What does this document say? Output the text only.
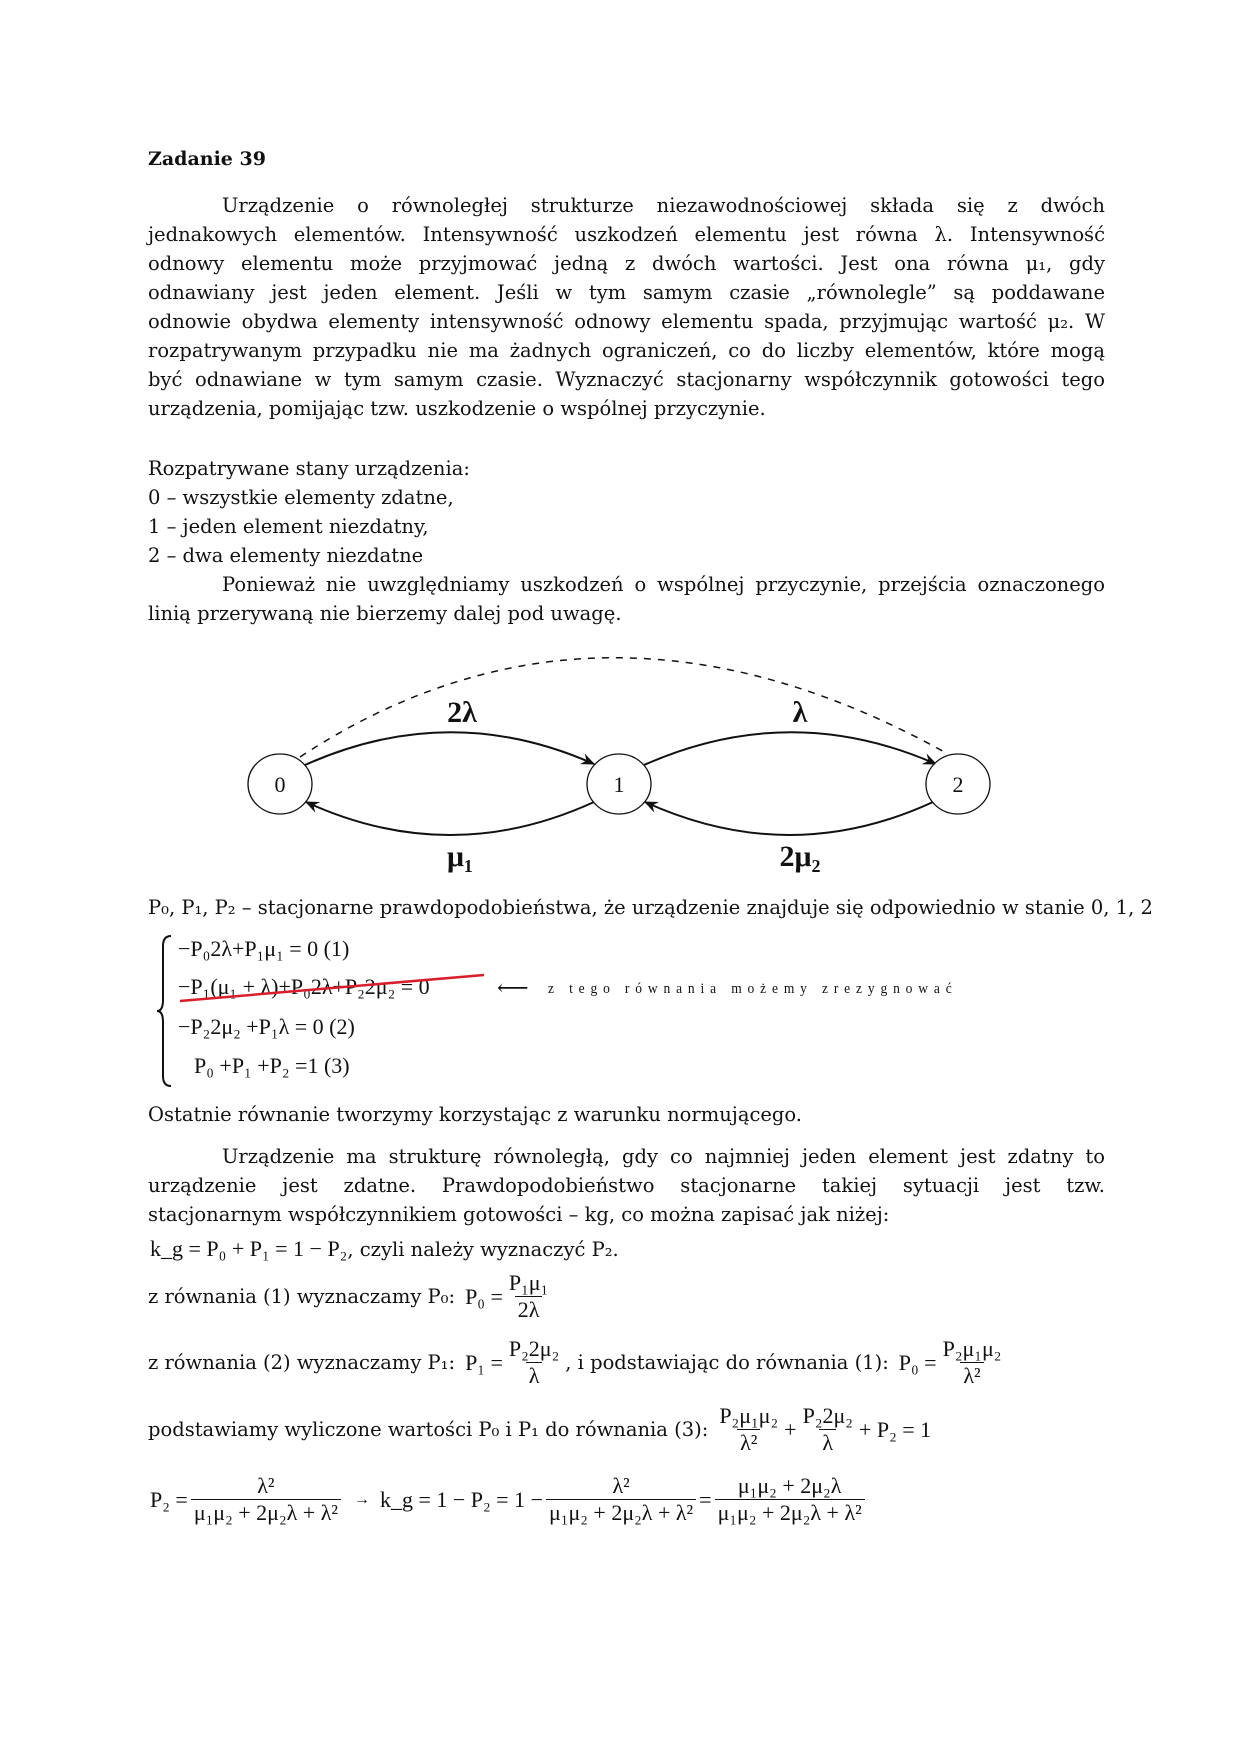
Zadanie 39
Urządzenie o równoległej strukturze niezawodnościowej składa się z dwóch
jednakowych elementów. Intensywność uszkodzeń elementu jest równa λ. Intensywność
odnowy elementu może przyjmować jedną z dwóch wartości. Jest ona równa μ₁, gdy
odnawiany jest jeden element. Jeśli w tym samym czasie „równolegle” są poddawane
odnowie obydwa elementy intensywność odnowy elementu spada, przyjmując wartość μ₂. W
rozpatrywanym przypadku nie ma żadnych ograniczeń, co do liczby elementów, które mogą
być odnawiane w tym samym czasie. Wyznaczyć stacjonarny współczynnik gotowości tego
urządzenia, pomijając tzw. uszkodzenie o wspólnej przyczynie.
Rozpatrywane stany urządzenia:
0 – wszystkie elementy zdatne,
1 – jeden element niezdatny,
2 – dwa elementy niezdatne
Ponieważ nie uwzględniamy uszkodzeń o wspólnej przyczynie, przejścia oznaczonego
linią przerywaną nie bierzemy dalej pod uwagę.
0	1	2
2λ	λ
μ₁	2μ₂
P₀, P₁, P₂ – stacjonarne prawdopodobieństwa, że urządzenie znajduje się odpowiednio w stanie 0, 1, 2
−P₀2λ+P₁μ₁ = 0 (1)
−P₁(μ₁ + λ)+P₀2λ+P₂2μ₂ = 0	⟵ z tego równania możemy zrezygnować
−P₂2μ₂ +P₁λ = 0 (2)
P₀ +P₁ +P₂ =1 (3)
Ostatnie równanie tworzymy korzystając z warunku normującego.
Urządzenie ma strukturę równoległą, gdy co najmniej jeden element jest zdatny to
urządzenie jest zdatne. Prawdopodobieństwo stacjonarne takiej sytuacji jest tzw.
stacjonarnym współczynnikiem gotowości – kg, co można zapisać jak niżej:
k_g = P₀ + P₁ = 1 − P₂, czyli należy wyznaczyć P₂.
z równania (1) wyznaczamy P₀: $P_0 = \frac{\text{P₁μ₁}}{2\lambda}$
z równania (2) wyznaczamy P₁: $P_1 = \frac{\text{P₂2μ₂}}{\lambda}$ , i podstawiając do równania (1): $P_0 = \frac{\text{P₂μ₁μ₂}}{\text{λ²}}$
podstawiamy wyliczone wartości P₀ i P₁ do równania (3): $\frac{\text{P₂μ₁μ₂}}{\text{λ²}} + \frac{\text{P₂2μ₂}}{\lambda} + P_2 = 1$
$P_2 = \frac{\text{λ²}}{\text{μ₁μ₂ + 2μ₂λ + λ²}}$ → k_g = $1 - P_2 = 1 - \frac{\text{λ²}}{\text{μ₁μ₂ + 2μ₂λ + λ²}} = \frac{\text{μ₁μ₂ + 2μ₂λ}}{\text{μ₁μ₂ + 2μ₂λ + λ²}}$
